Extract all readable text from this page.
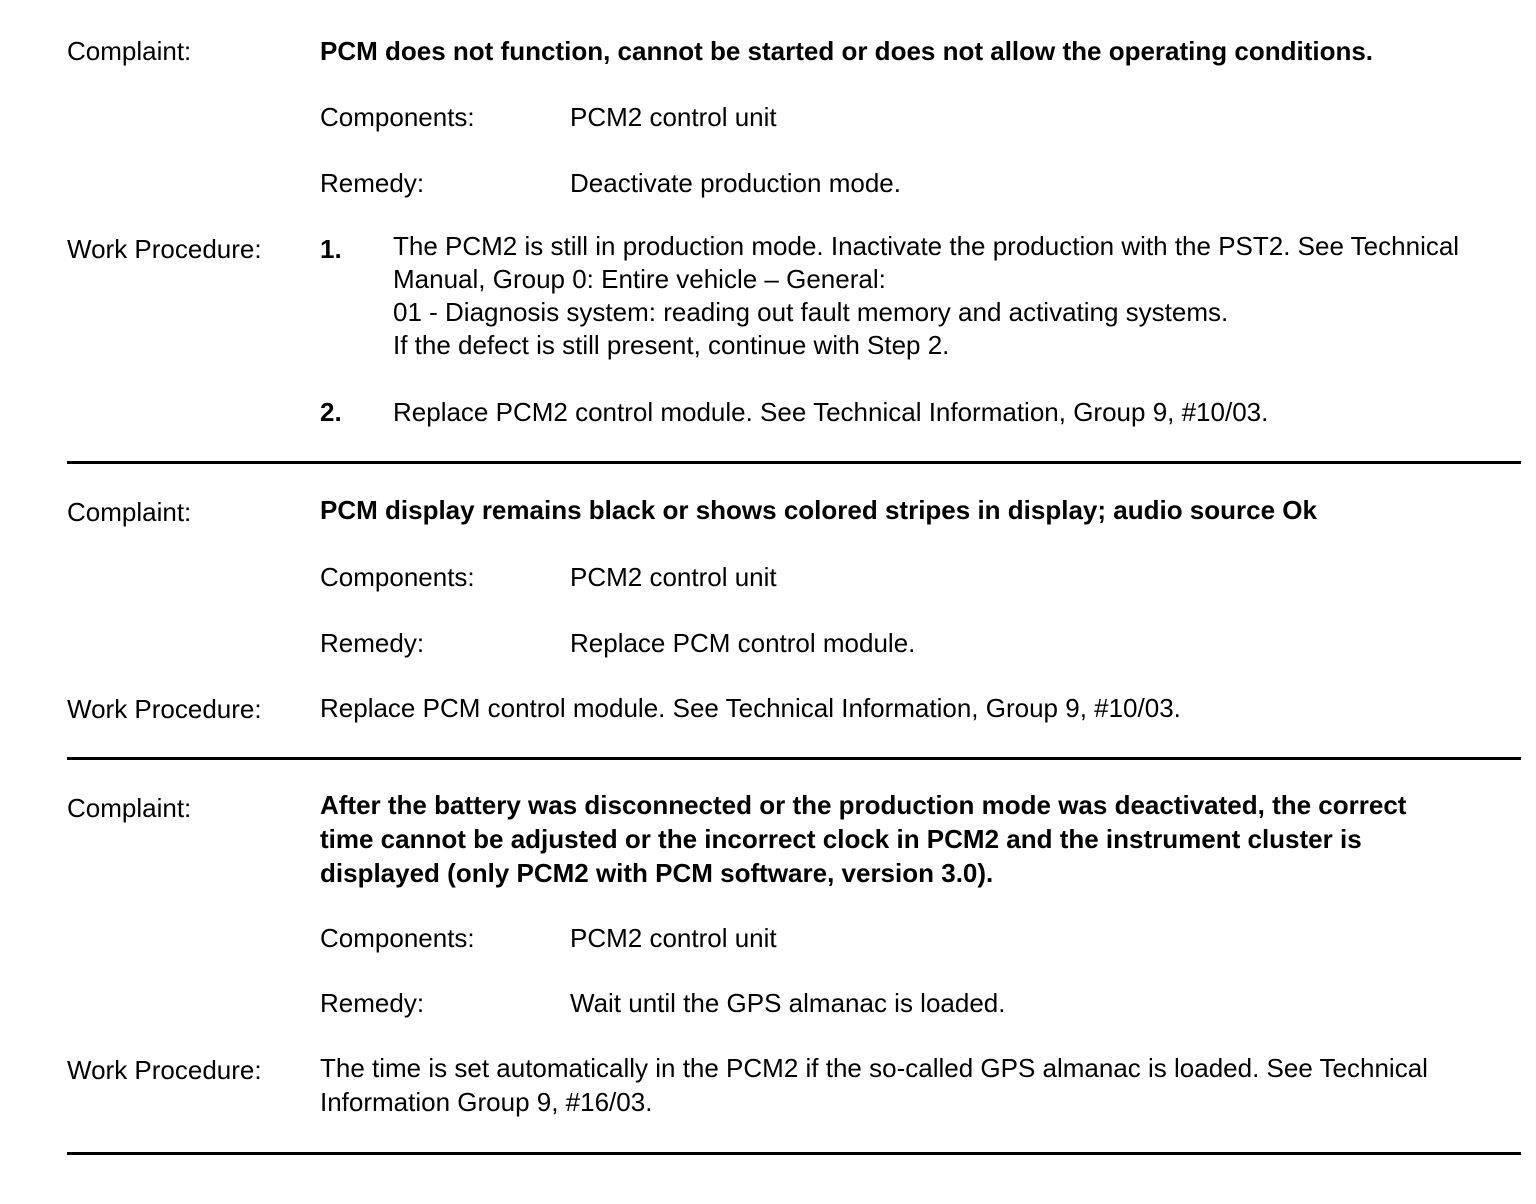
Complaint:	PCM does not function, cannot be started or does not allow the operating conditions.
Components:	PCM2 control unit
Remedy:	Deactivate production mode.
Work Procedure: 1. The PCM2 is still in production mode. Inactivate the production with the PST2. See Technical
Manual, Group 0: Entire vehicle – General:
01 - Diagnosis system: reading out fault memory and activating systems.
If the defect is still present, continue with Step 2.
2. Replace PCM2 control module. See Technical Information, Group 9, #10/03.
Complaint:	PCM display remains black or shows colored stripes in display; audio source Ok
Components:	PCM2 control unit
Remedy:	Replace PCM control module.
Work Procedure: Replace PCM control module. See Technical Information, Group 9, #10/03.
Complaint:	After the battery was disconnected or the production mode was deactivated, the correct
time cannot be adjusted or the incorrect clock in PCM2 and the instrument cluster is
displayed (only PCM2 with PCM software, version 3.0).
Components:	PCM2 control unit
Remedy:	Wait until the GPS almanac is loaded.
Work Procedure: The time is set automatically in the PCM2 if the so-called GPS almanac is loaded. See Technical
Information Group 9, #16/03.
